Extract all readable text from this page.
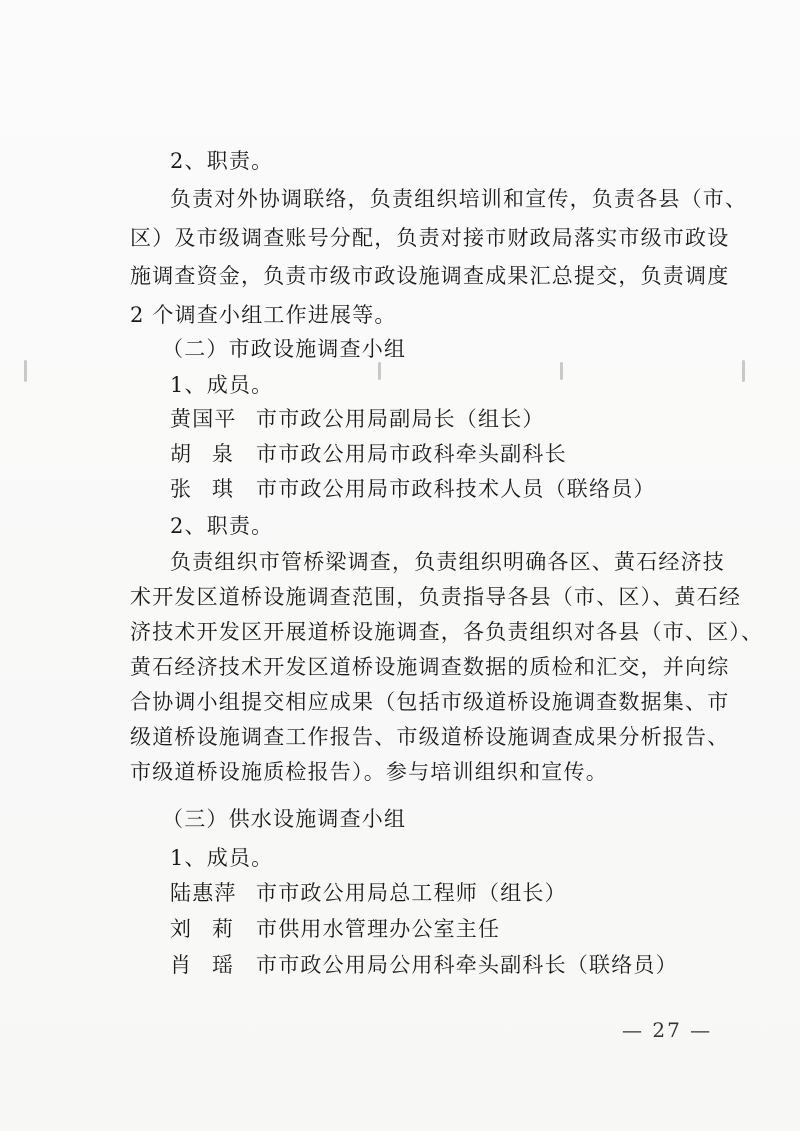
2、职责。
负责对外协调联络，负责组织培训和宣传，负责各县（市、
区）及市级调查账号分配，负责对接市财政局落实市级市政设
施调查资金，负责市级市政设施调查成果汇总提交，负责调度
2 个调查小组工作进展等。
（二）市政设施调查小组
1、成员。
黄国平 市市政公用局副局长（组长）
胡泉市市政公用局市政科牵头副科长
张琪市市政公用局市政科技术人员（联络员）
2、职责。
负责组织市管桥梁调查，负责组织明确各区、黄石经济技
术开发区道桥设施调查范围，负责指导各县（市、区）、黄石经
济技术开发区开展道桥设施调查，各负责组织对各县（市、区）、
黄石经济技术开发区道桥设施调查数据的质检和汇交，并向综
合协调小组提交相应成果（包括市级道桥设施调查数据集、市
级道桥设施调查工作报告、市级道桥设施调查成果分析报告、
市级道桥设施质检报告）。参与培训组织和宣传。
（三）供水设施调查小组
1、成员。
陆惠萍 市市政公用局总工程师（组长）
刘莉市供用水管理办公室主任
肖瑶市市政公用局公用科牵头副科长（联络员）
— 27 —
